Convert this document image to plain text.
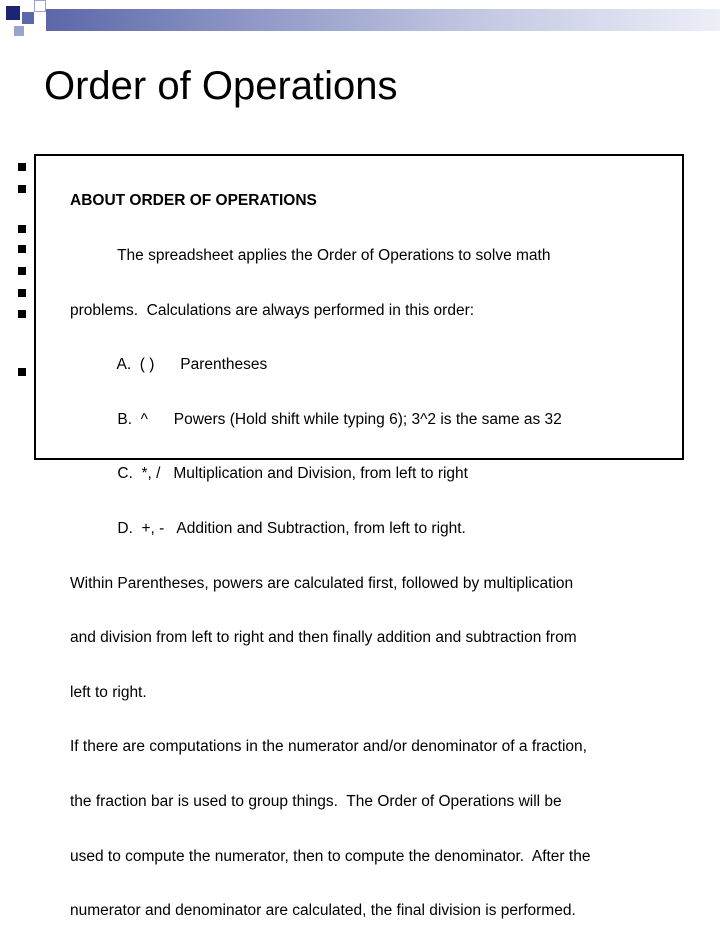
Order of Operations

ABOUT ORDER OF OPERATIONS

The spreadsheet applies the Order of Operations to solve math

problems.  Calculations are always performed in this order:

A.  ( )      Parentheses

B.  ^      Powers (Hold shift while typing 6); 3^2 is the same as 32

C.  *, /   Multiplication and Division, from left to right

D.  +, -   Addition and Subtraction, from left to right.

Within Parentheses, powers are calculated first, followed by multiplication

and division from left to right and then finally addition and subtraction from

left to right.

If there are computations in the numerator and/or denominator of a fraction,

the fraction bar is used to group things.  The Order of Operations will be

used to compute the numerator, then to compute the denominator.  After the

numerator and denominator are calculated, the final division is performed.
